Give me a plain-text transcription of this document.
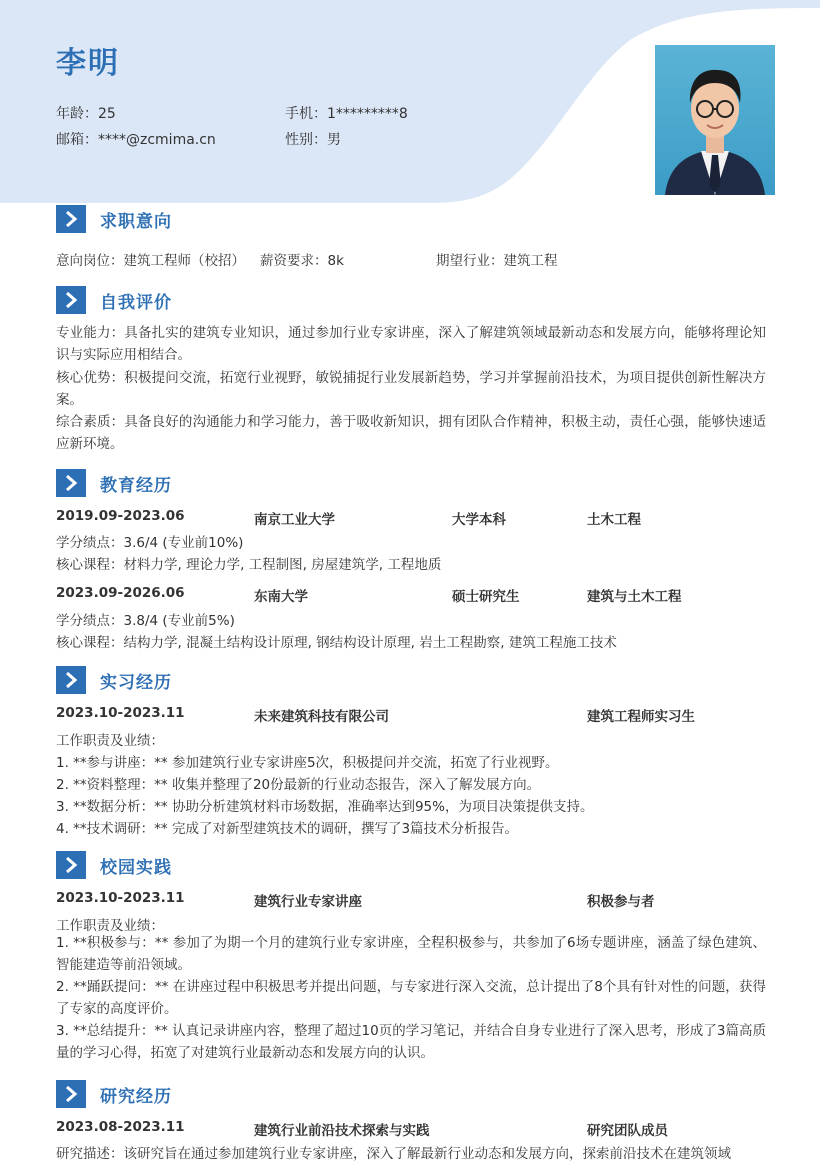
李明
年龄：25	手机：1*********8
邮箱：****@zcmima.cn	性别：男
求职意向
意向岗位：建筑工程师（校招） 薪资要求：8k	期望行业：建筑工程
自我评价
专业能力：具备扎实的建筑专业知识，通过参加行业专家讲座，深入了解建筑领域最新动态和发展方向，能够将理论知识与实际应用相结合。
核心优势：积极提问交流，拓宽行业视野，敏锐捕捉行业发展新趋势，学习并掌握前沿技术，为项目提供创新性解决方案。
综合素质：具备良好的沟通能力和学习能力，善于吸收新知识，拥有团队合作精神，积极主动，责任心强，能够快速适应新环境。
教育经历
2019.09-2023.06	南京工业大学	大学本科	土木工程
学分绩点：3.6/4 (专业前10%)
核心课程：材料力学, 理论力学, 工程制图, 房屋建筑学, 工程地质
2023.09-2026.06	东南大学	硕士研究生	建筑与土木工程
学分绩点：3.8/4 (专业前5%)
核心课程：结构力学, 混凝土结构设计原理, 钢结构设计原理, 岩土工程勘察, 建筑工程施工技术
实习经历
2023.10-2023.11	未来建筑科技有限公司	建筑工程师实习生
工作职责及业绩：
1. **参与讲座：** 参加建筑行业专家讲座5次，积极提问并交流，拓宽了行业视野。
2. **资料整理：** 收集并整理了20份最新的行业动态报告，深入了解发展方向。
3. **数据分析：** 协助分析建筑材料市场数据，准确率达到95%，为项目决策提供支持。
4. **技术调研：** 完成了对新型建筑技术的调研，撰写了3篇技术分析报告。
校园实践
2023.10-2023.11	建筑行业专家讲座	积极参与者
工作职责及业绩：
1. **积极参与：** 参加了为期一个月的建筑行业专家讲座，全程积极参与，共参加了6场专题讲座，涵盖了绿色建筑、智能建造等前沿领域。
2. **踊跃提问：** 在讲座过程中积极思考并提出问题，与专家进行深入交流，总计提出了8个具有针对性的问题，获得了专家的高度评价。
3. **总结提升：** 认真记录讲座内容，整理了超过10页的学习笔记，并结合自身专业进行了深入思考，形成了3篇高质量的学习心得，拓宽了对建筑行业最新动态和发展方向的认识。
研究经历
2023.08-2023.11	建筑行业前沿技术探索与实践	研究团队成员
研究描述：该研究旨在通过参加建筑行业专家讲座，深入了解最新行业动态和发展方向，探索前沿技术在建筑领域
